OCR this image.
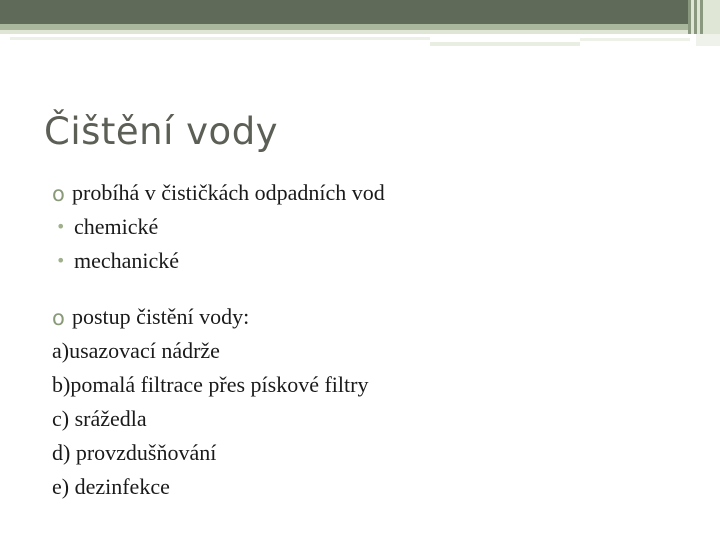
Čištění vody
o probíhá v čističkách odpadních vod
• chemické
• mechanické
o postup čistění vody:
a)usazovací nádrže
b)pomalá filtrace přes pískové filtry
c) srážedla
d) provzdušňování
e) dezinfekce
